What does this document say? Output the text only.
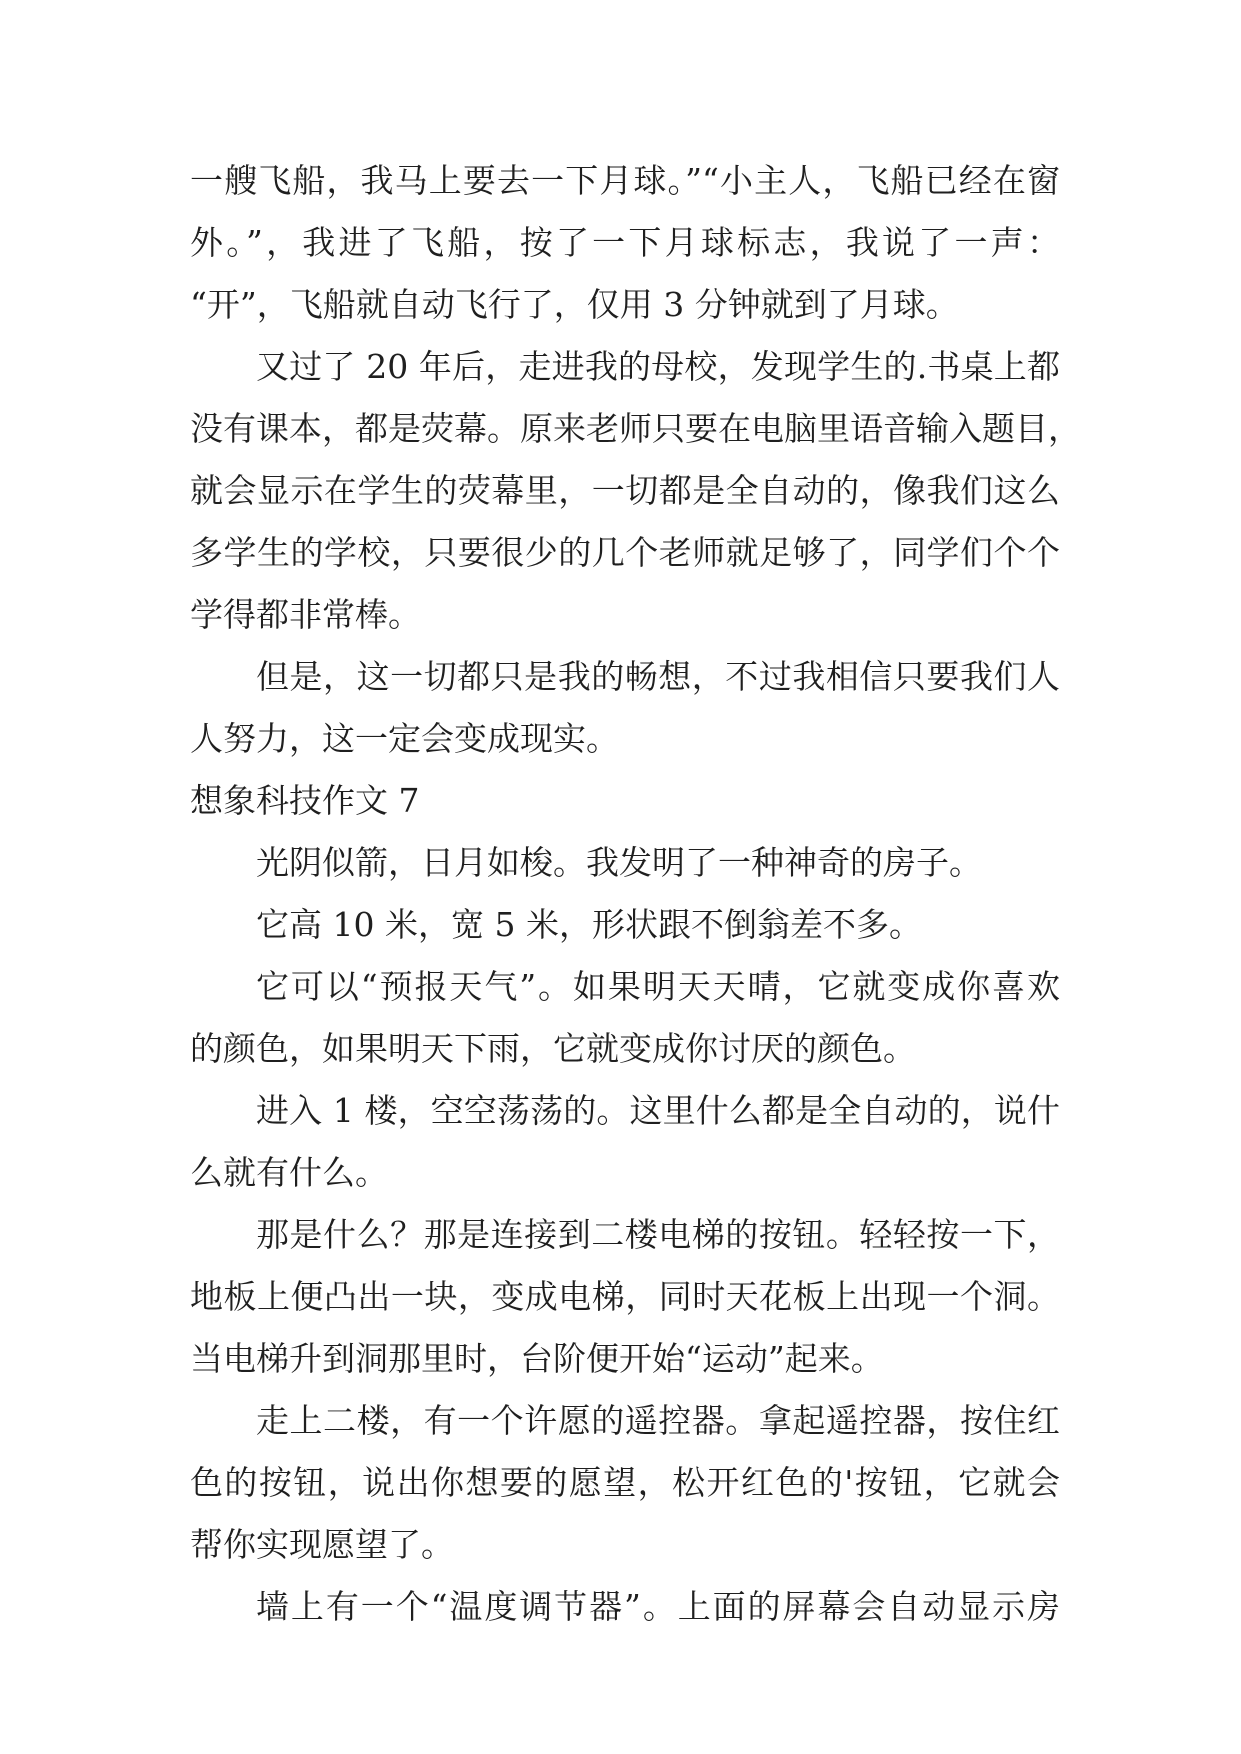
一艘飞船，我马上要去一下月球。”“小主人，飞船已经在窗
外。”，我进了飞船，按了一下月球标志，我说了一声：
“开”，飞船就自动飞行了，仅用 3 分钟就到了月球。
又过了 20 年后，走进我的母校，发现学生的.书桌上都
没有课本，都是荧幕。原来老师只要在电脑里语音输入题目，
就会显示在学生的荧幕里，一切都是全自动的，像我们这么
多学生的学校，只要很少的几个老师就足够了，同学们个个
学得都非常棒。
但是，这一切都只是我的畅想，不过我相信只要我们人
人努力，这一定会变成现实。
想象科技作文 7
光阴似箭，日月如梭。我发明了一种神奇的房子。
它高 10 米，宽 5 米，形状跟不倒翁差不多。
它可以“预报天气”。如果明天天晴，它就变成你喜欢
的颜色，如果明天下雨，它就变成你讨厌的颜色。
进入 1 楼，空空荡荡的。这里什么都是全自动的，说什
么就有什么。
那是什么？那是连接到二楼电梯的按钮。轻轻按一下，
地板上便凸出一块，变成电梯，同时天花板上出现一个洞。
当电梯升到洞那里时，台阶便开始“运动”起来。
走上二楼，有一个许愿的遥控器。拿起遥控器，按住红
色的按钮，说出你想要的愿望，松开红色的'按钮，它就会
帮你实现愿望了。
墙上有一个“温度调节器”。上面的屏幕会自动显示房
